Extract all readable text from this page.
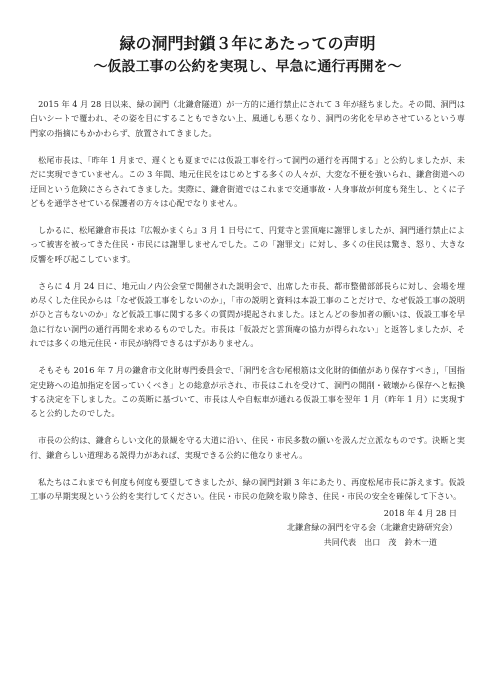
緑の洞門封鎖３年にあたっての声明
〜仮設工事の公約を実現し、早急に通行再開を〜

2015 年 4 月 28 日以来、緑の洞門（北鎌倉隧道）が一方的に通行禁止にされて 3 年が経ちました。その間、洞門は白いシートで覆われ、その姿を目にすることもできない上、風通しも悪くなり、洞門の劣化を早めさせているという専門家の指摘にもかかわらず、放置されてきました。

松尾市長は、「昨年 1 月まで、遅くとも夏までには仮設工事を行って洞門の通行を再開する」と公約しましたが、未だに実現できていません。この 3 年間、地元住民をはじめとする多くの人々が、大変な不便を強いられ、鎌倉街道への迂回という危険にさらされてきました。実際に、鎌倉街道ではこれまで交通事故・人身事故が何度も発生し、とくに子どもを通学させている保護者の方々は心配でなりません。

しかるに、松尾鎌倉市長は『広報かまくら』3 月 1 日号にて、円覚寺と雲頂庵に謝罪しましたが、洞門通行禁止によって被害を被ってきた住民・市民には謝罪しませんでした。この「謝罪文」に対し、多くの住民は驚き、怒り、大きな反響を呼び起こしています。

さらに 4 月 24 日に、地元山ノ内公会堂で開催された説明会で、出席した市長、都市整備部部長らに対し、会場を埋め尽くした住民からは「なぜ仮設工事をしないのか」，「市の説明と資料は本設工事のことだけで、なぜ仮設工事の説明がひと言もないのか」など仮設工事に関する多くの質問が提起されました。ほとんどの参加者の願いは、仮設工事を早急に行ない洞門の通行再開を求めるものでした。市長は「仮設だと雲頂庵の協力が得られない」と返答しましたが、それでは多くの地元住民・市民が納得できるはずがありません。

そもそも 2016 年 7 月の鎌倉市文化財専門委員会で、「洞門を含む尾根筋は文化財的価値があり保存すべき」，「国指定史跡への追加指定を図っていくべき」との総意が示され、市長はこれを受けて、洞門の開削・破壊から保存へと転換する決定を下しました。この英断に基づいて、市長は人や自転車が通れる仮設工事を翌年 1 月（昨年 1 月）に実現すると公約したのでした。

市長の公約は、鎌倉らしい文化的景観を守る大道に沿い、住民・市民多数の願いを汲んだ立派なものです。決断と実行、鎌倉らしい道理ある説得力があれば、実現できる公約に他なりません。

私たちはこれまでも何度も何度も要望してきましたが、緑の洞門封鎖 3 年にあたり、再度松尾市長に訴えます。仮設工事の早期実現という公約を実行してください。住民・市民の危険を取り除き、住民・市民の安全を確保して下さい。

2018 年 4 月 28 日
北鎌倉緑の洞門を守る会（北鎌倉史跡研究会）
共同代表　出口　茂　鈴木一道
